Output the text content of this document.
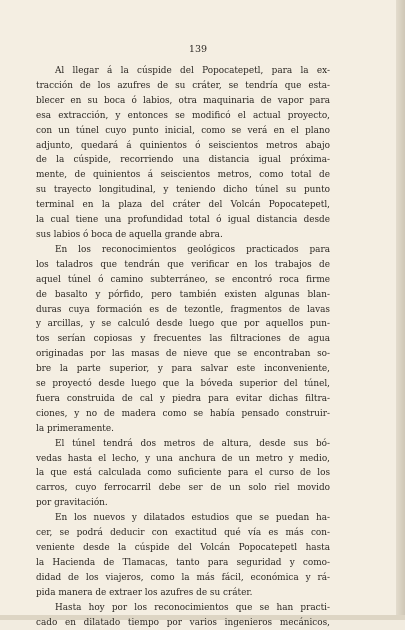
139
Al llegar á la cúspide del Popocatepetl, para la ex-
tracción de los azufres de su cráter, se tendría que esta-
blecer en su boca ó labios, otra maquinaria de vapor para
esa extracción, y entonces se modificó el actual proyecto,
con un túnel cuyo punto inicial, como se verá en el plano
adjunto, quedará á quinientos ó seiscientos metros abajo
de la cúspide, recorriendo una distancia igual próxima-
mente, de quinientos á seiscientos metros, como total de
su trayecto longitudinal, y teniendo dicho túnel su punto
terminal en la plaza del cráter del Volcán Popocatepetl,
la cual tiene una profundidad total ó igual distancia desde
sus labios ó boca de aquella grande abra.
En los reconocimientos geológicos practicados para
los taladros que tendrán que verificar en los trabajos de
aquel túnel ó camino subterráneo, se encontró roca firme
de basalto y pórfido, pero también existen algunas blan-
duras cuya formación es de tezontle, fragmentos de lavas
y arcillas, y se calculó desde luego que por aquellos pun-
tos serían copiosas y frecuentes las filtraciones de agua
originadas por las masas de nieve que se encontraban so-
bre la parte superior, y para salvar este inconveniente,
se proyectó desde luego que la bóveda superior del túnel,
fuera construida de cal y piedra para evitar dichas filtra-
ciones, y no de madera como se había pensado construir-
la primeramente.
El túnel tendrá dos metros de altura, desde sus bó-
vedas hasta el lecho, y una anchura de un metro y medio,
la que está calculada como suficiente para el curso de los
carros, cuyo ferrocarril debe ser de un solo riel movido
por gravitación.
En los nuevos y dilatados estudios que se puedan ha-
cer, se podrá deducir con exactitud qué vía es más con-
veniente desde la cúspide del Volcán Popocatepetl hasta
la Hacienda de Tlamacas, tanto para seguridad y como-
didad de los viajeros, como la más fácil, económica y rá-
pida manera de extraer los azufres de su cráter.
Hasta hoy por los reconocimientos que se han practi-
cado en dilatado tiempo por varios ingenieros mecánicos,
